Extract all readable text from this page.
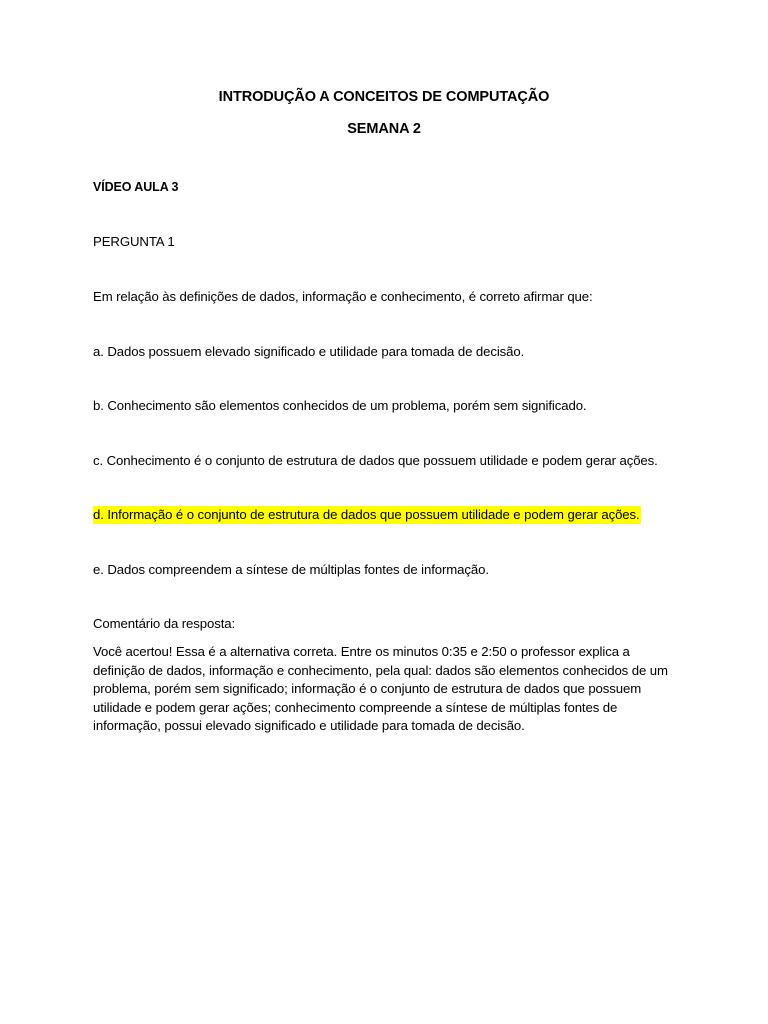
INTRODUÇÃO A CONCEITOS DE COMPUTAÇÃO
SEMANA 2
VÍDEO AULA 3
PERGUNTA 1
Em relação às definições de dados, informação e conhecimento, é correto afirmar que:
a. Dados possuem elevado significado e utilidade para tomada de decisão.
b. Conhecimento são elementos conhecidos de um problema, porém sem significado.
c. Conhecimento é o conjunto de estrutura de dados que possuem utilidade e podem gerar ações.
d. Informação é o conjunto de estrutura de dados que possuem utilidade e podem gerar ações.
e. Dados compreendem a síntese de múltiplas fontes de informação.
Comentário da resposta:
Você acertou! Essa é a alternativa correta. Entre os minutos 0:35 e 2:50 o professor explica a
definição de dados, informação e conhecimento, pela qual: dados são elementos conhecidos de um
problema, porém sem significado; informação é o conjunto de estrutura de dados que possuem
utilidade e podem gerar ações; conhecimento compreende a síntese de múltiplas fontes de
informação, possui elevado significado e utilidade para tomada de decisão.
